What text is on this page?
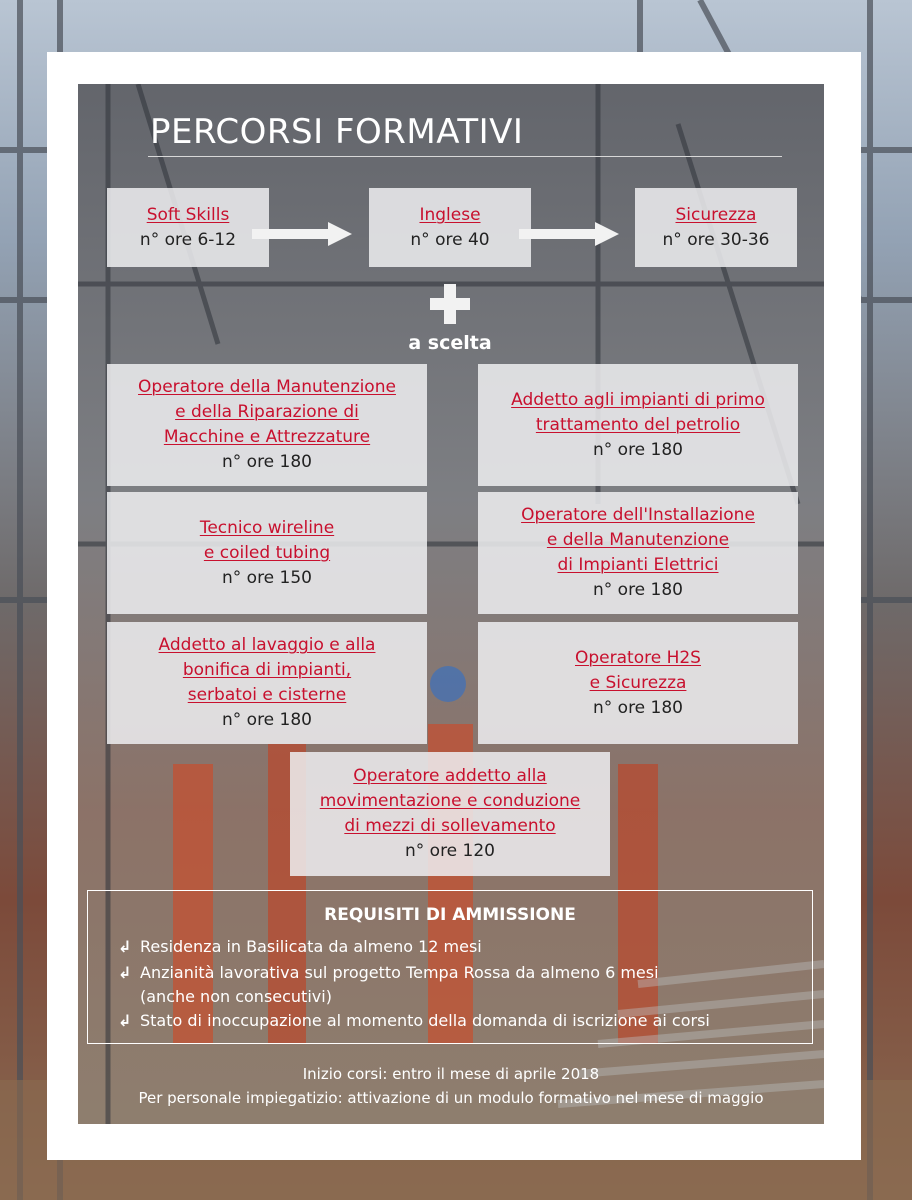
PERCORSI FORMATIVI
Soft Skills
n° ore 6-12
Inglese
n° ore 40
Sicurezza
n° ore 30-36
a scelta
Operatore della Manutenzione
e della Riparazione di
Macchine e Attrezzature
n° ore 180
Addetto agli impianti di primo
trattamento del petrolio
n° ore 180
Tecnico wireline
e coiled tubing
n° ore 150
Operatore dell'Installazione
e della Manutenzione
di Impianti Elettrici
n° ore 180
Addetto al lavaggio e alla
bonifica di impianti,
serbatoi e cisterne
n° ore 180
Operatore H2S
e Sicurezza
n° ore 180
Operatore addetto alla
movimentazione e conduzione
di mezzi di sollevamento
n° ore 120
REQUISITI DI AMMISSIONE
↲ Residenza in Basilicata da almeno 12 mesi
↲ Anzianità lavorativa sul progetto Tempa Rossa da almeno 6 mesi
(anche non consecutivi)
↲ Stato di inoccupazione al momento della domanda di iscrizione ai corsi
Inizio corsi: entro il mese di aprile 2018
Per personale impiegatizio: attivazione di un modulo formativo nel mese di maggio
